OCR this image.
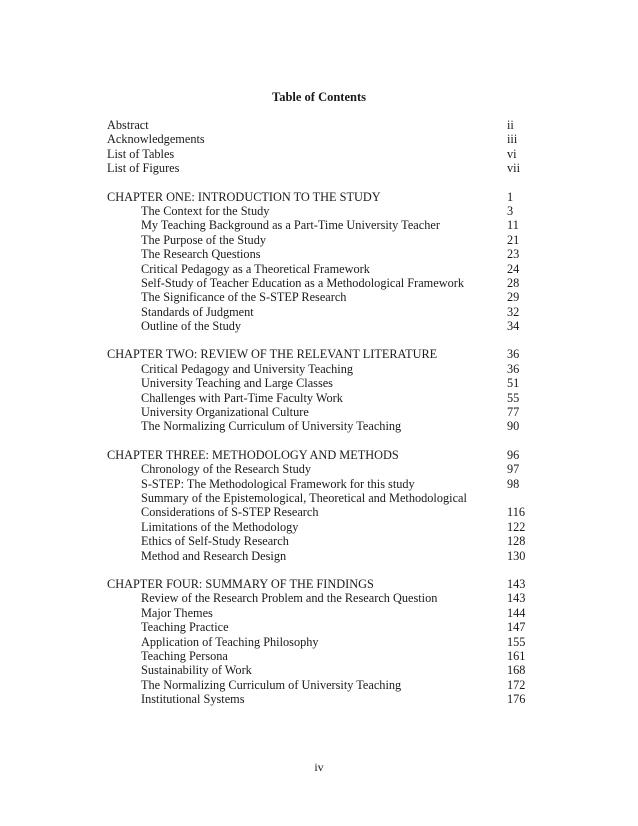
Table of Contents
Abstract	ii
Acknowledgements	iii
List of Tables	vi
List of Figures	vii
CHAPTER ONE: INTRODUCTION TO THE STUDY	1
The Context for the Study	3
My Teaching Background as a Part-Time University Teacher	11
The Purpose of the Study	21
The Research Questions	23
Critical Pedagogy as a Theoretical Framework	24
Self-Study of Teacher Education as a Methodological Framework	28
The Significance of the S-STEP Research	29
Standards of Judgment	32
Outline of the Study	34
CHAPTER TWO: REVIEW OF THE RELEVANT LITERATURE	36
Critical Pedagogy and University Teaching	36
University Teaching and Large Classes	51
Challenges with Part-Time Faculty Work	55
University Organizational Culture	77
The Normalizing Curriculum of University Teaching	90
CHAPTER THREE: METHODOLOGY AND METHODS	96
Chronology of the Research Study	97
S-STEP: The Methodological Framework for this study	98
Summary of the Epistemological, Theoretical and Methodological
Considerations of S-STEP Research	116
Limitations of the Methodology	122
Ethics of Self-Study Research	128
Method and Research Design	130
CHAPTER FOUR: SUMMARY OF THE FINDINGS	143
Review of the Research Problem and the Research Question	143
Major Themes	144
Teaching Practice	147
Application of Teaching Philosophy	155
Teaching Persona	161
Sustainability of Work	168
The Normalizing Curriculum of University Teaching	172
Institutional Systems	176
iv
